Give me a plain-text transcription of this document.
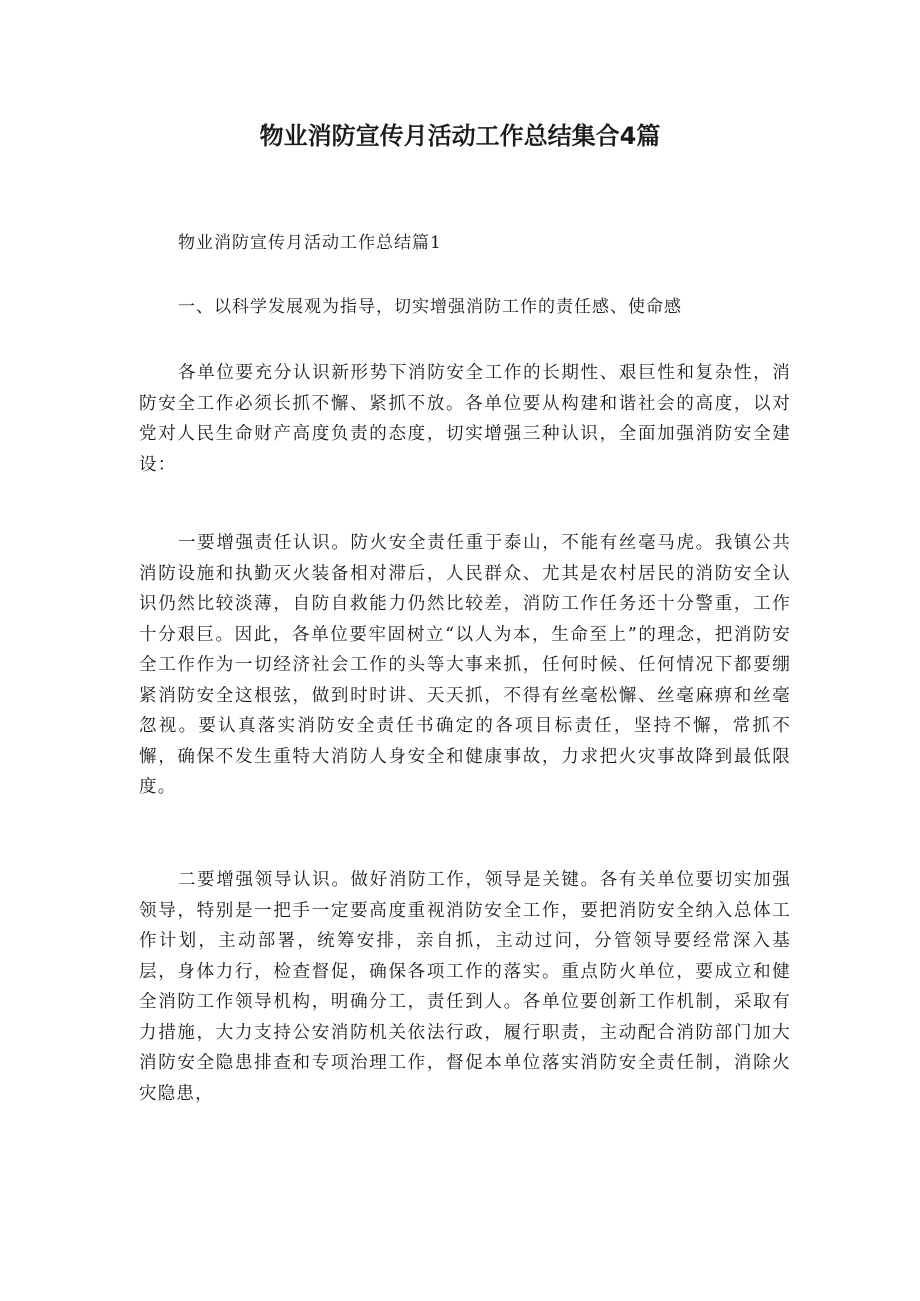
物业消防宣传月活动工作总结集合4篇

物业消防宣传月活动工作总结篇1

一、以科学发展观为指导，切实增强消防工作的责任感、使命感

各单位要充分认识新形势下消防安全工作的长期性、艰巨性和复杂性，消防安全工作必须长抓不懈、紧抓不放。各单位要从构建和谐社会的高度，以对党对人民生命财产高度负责的态度，切实增强三种认识，全面加强消防安全建设：

一要增强责任认识。防火安全责任重于泰山，不能有丝毫马虎。我镇公共消防设施和执勤灭火装备相对滞后，人民群众、尤其是农村居民的消防安全认识仍然比较淡薄，自防自救能力仍然比较差，消防工作任务还十分警重，工作十分艰巨。因此，各单位要牢固树立“以人为本，生命至上”的理念，把消防安全工作作为一切经济社会工作的头等大事来抓，任何时候、任何情况下都要绷紧消防安全这根弦，做到时时讲、天天抓，不得有丝毫松懈、丝毫麻痹和丝毫忽视。要认真落实消防安全责任书确定的各项目标责任，坚持不懈，常抓不懈，确保不发生重特大消防人身安全和健康事故，力求把火灾事故降到最低限度。

二要增强领导认识。做好消防工作，领导是关键。各有关单位要切实加强领导，特别是一把手一定要高度重视消防安全工作，要把消防安全纳入总体工作计划，主动部署，统筹安排，亲自抓，主动过问，分管领导要经常深入基层，身体力行，检查督促，确保各项工作的落实。重点防火单位，要成立和健全消防工作领导机构，明确分工，责任到人。各单位要创新工作机制，采取有力措施，大力支持公安消防机关依法行政，履行职责，主动配合消防部门加大消防安全隐患排查和专项治理工作，督促本单位落实消防安全责任制，消除火灾隐患，
